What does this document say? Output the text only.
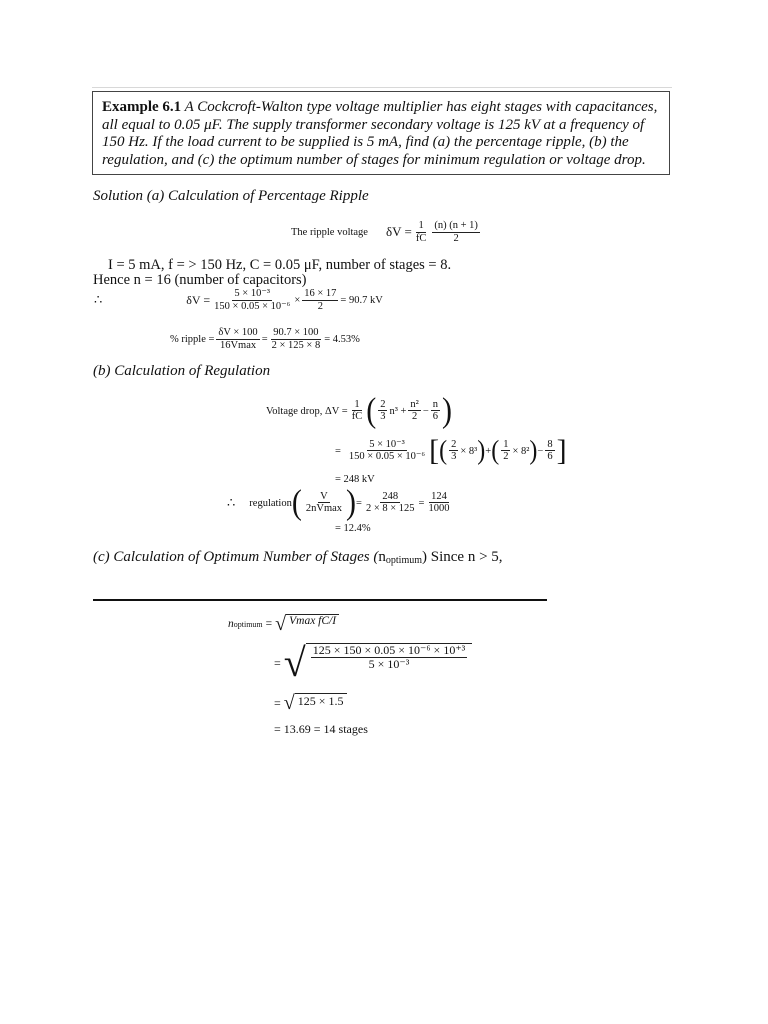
Example 6.1 A Cockcroft-Walton type voltage multiplier has eight stages with capacitances, all equal to 0.05 μF. The supply transformer secondary voltage is 125 kV at a frequency of 150 Hz. If the load current to be supplied is 5 mA, find (a) the percentage ripple, (b) the regulation, and (c) the optimum number of stages for minimum regulation or voltage drop.
Solution (a) Calculation of Percentage Ripple
The ripple voltage $\delta V = \frac{1}{fC} \frac{(n) (n + 1)}{2}$
I = 5 mA, f = > 150 Hz, C = 0.05 μF, number of stages = 8.
Hence n = 16 (number of capacitors)
∴	$\delta V = \frac{\text{5 × 10⁻³}}{\text{150 × 0.05 × 10⁻⁶}} \times \frac{16 \times 17}{2} = 90.7$ kV
% ripple = $\frac{\delta V \times 100}{16Vmax} = \frac{90.7 \times 100}{2 \times 125 \times 8} = 4.53\%$
(b) Calculation of Regulation
Voltage drop, $\Delta V = \frac{1}{fC}$ ( $\frac{2}{3} n^3 + \frac{\text{n²}}{2} - \frac{n}{6}$ )
= $\frac{\text{5 × 10⁻³}}{\text{150 × 0.05 × 10⁻⁶}}$ [ ( $\frac{2}{3} \times 8^3$ ) + ( $\frac{1}{2} \times 8^2$ ) − $\frac{8}{6}$ ]
= 248 kV
∴ regulation ( $\frac{V}{2nVmax}$ ) = $\frac{248}{2 \times 8 \times 125} = \frac{124}{1000}$
= 12.4%
(c) Calculation of Optimum Number of Stages $(n_{optimum})$ Since n > 5,
n optimum = √ Vmax fC/I
= √ $\frac{\text{125 × 150 × 0.05 × 10⁻⁶ × 10⁺³}}{\text{5 × 10⁻³}}$
= √ 125 × 1.5
= 13.69 = 14 stages
